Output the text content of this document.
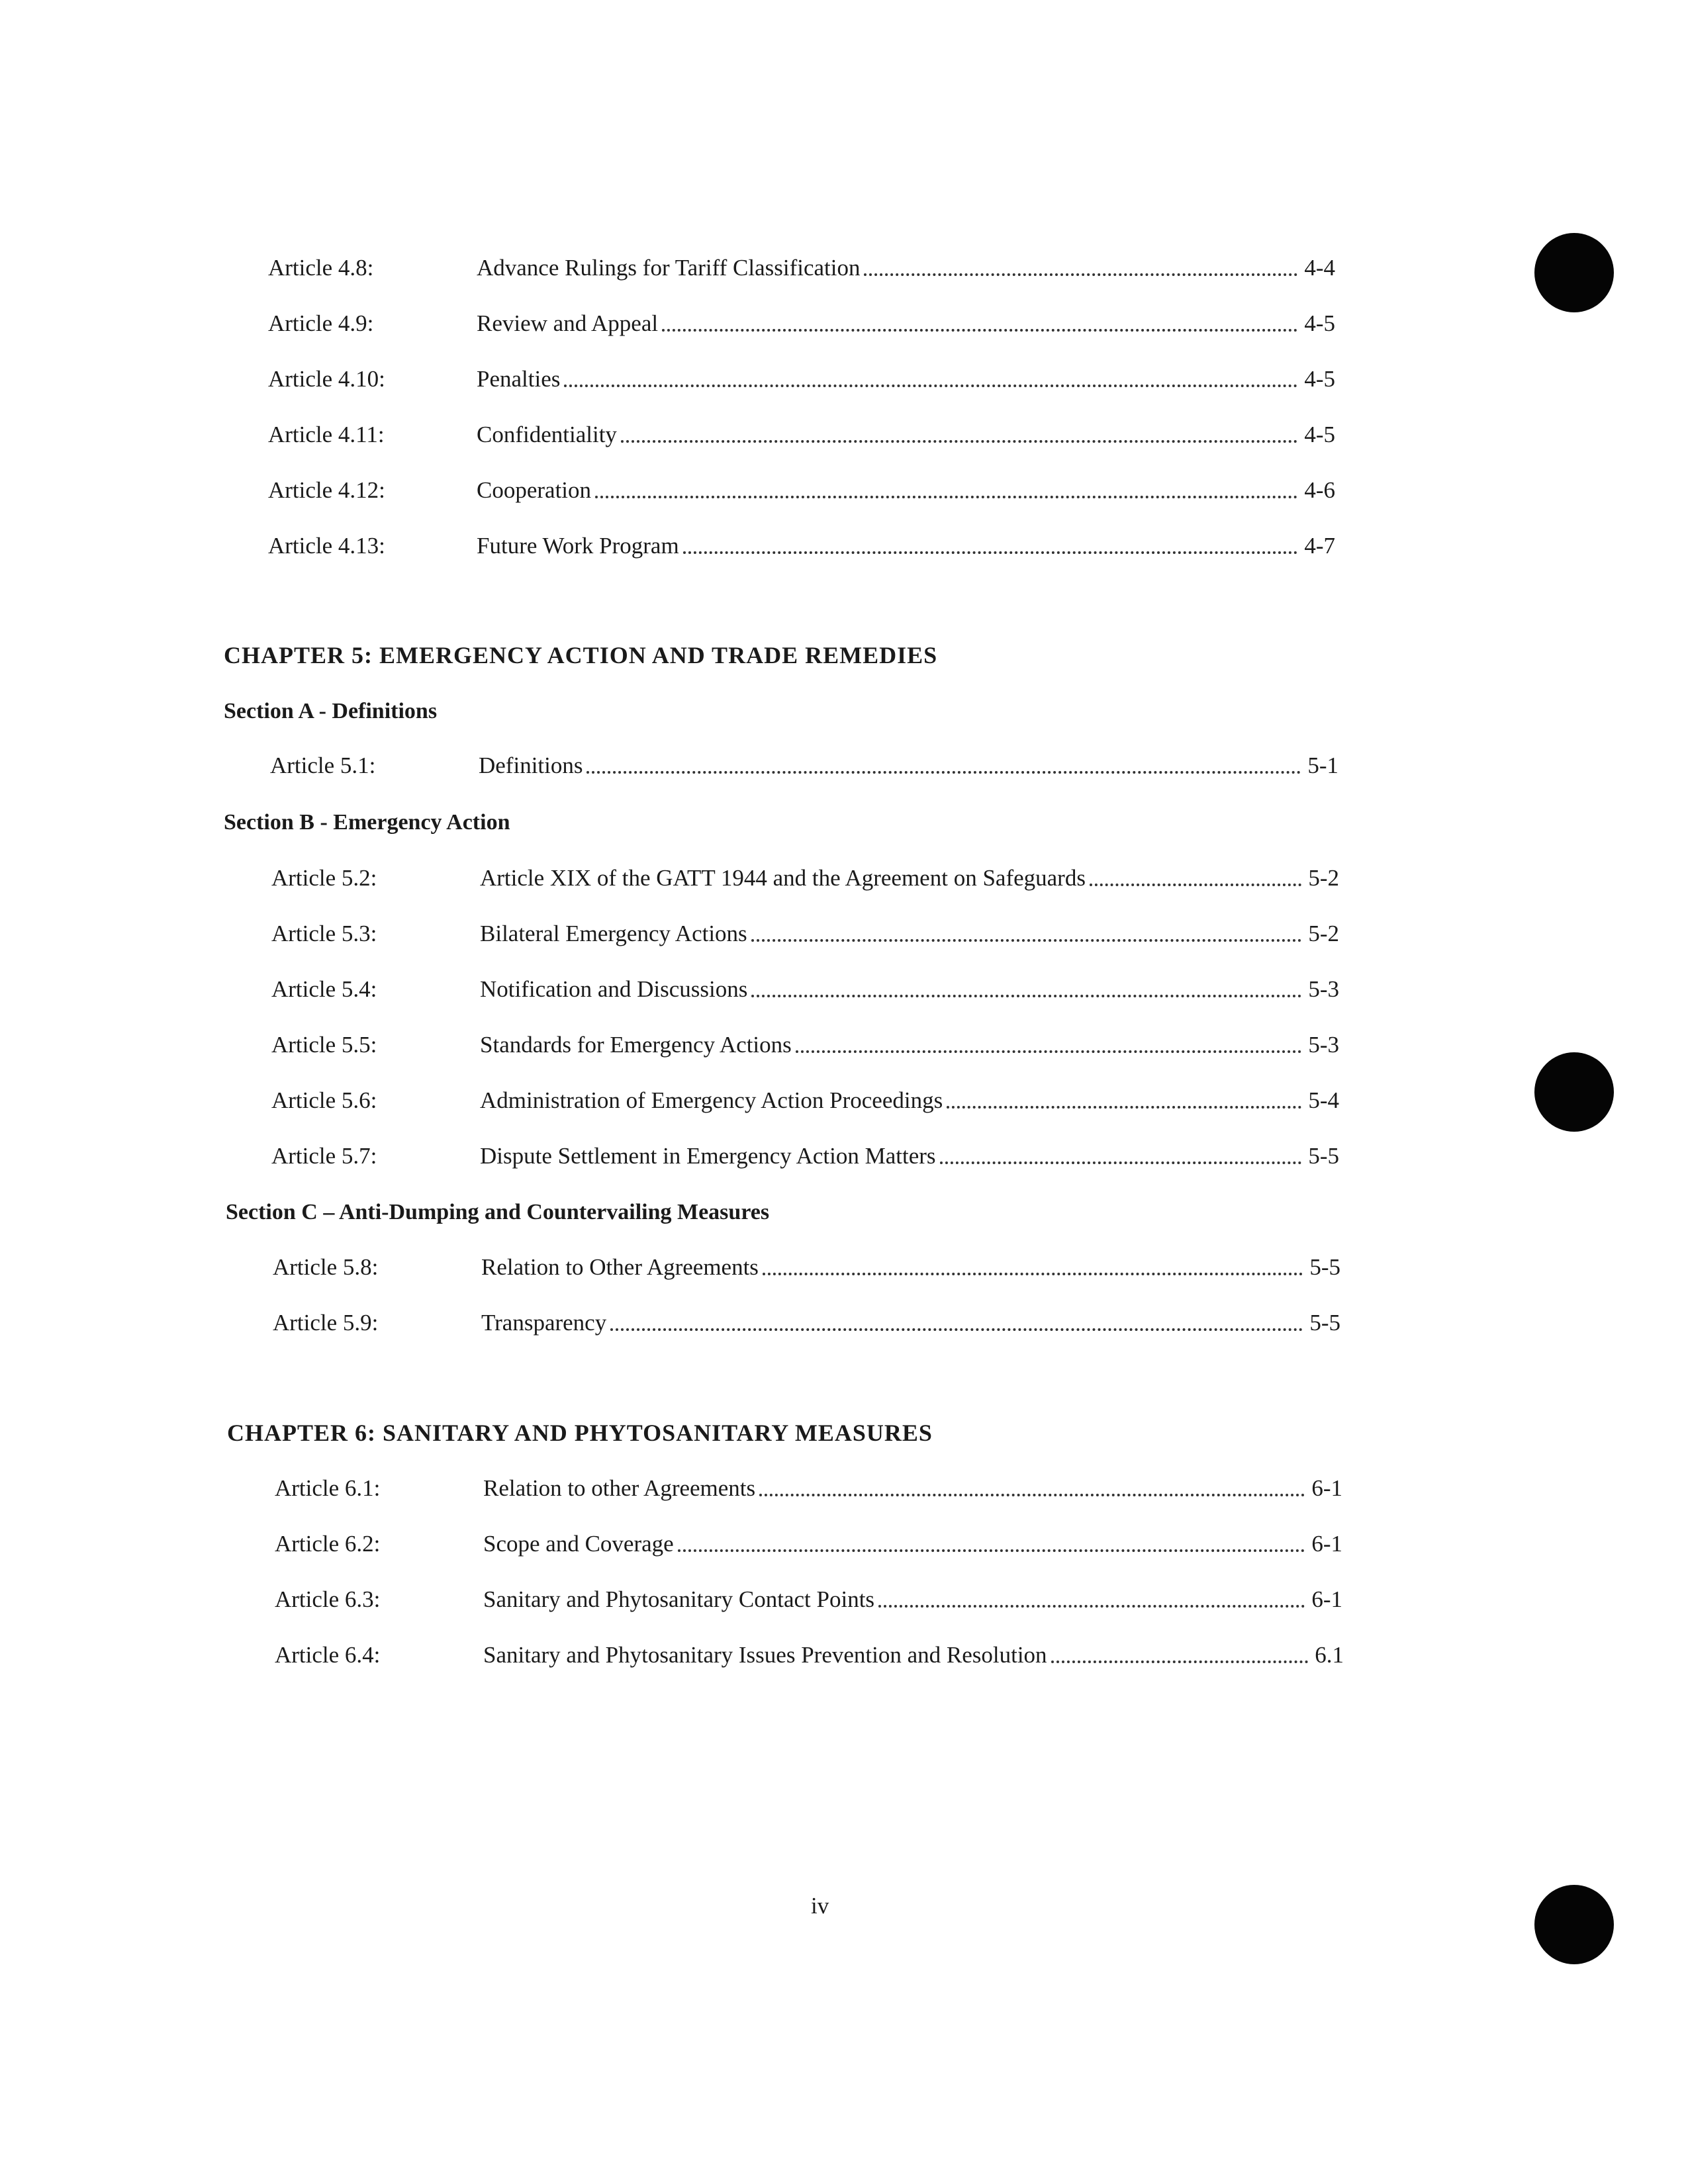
Article 4.8:	Advance Rulings for Tariff Classification	4-4
Article 4.9:	Review and Appeal	4-5
Article 4.10:	Penalties	4-5
Article 4.11:	Confidentiality	4-5
Article 4.12:	Cooperation	4-6
Article 4.13:	Future Work Program	4-7
CHAPTER 5: EMERGENCY ACTION AND TRADE REMEDIES
Section A - Definitions
Article 5.1:	Definitions	5-1
Section B - Emergency Action
Article 5.2:	Article XIX of the GATT 1944 and the Agreement on Safeguards	5-2
Article 5.3:	Bilateral Emergency Actions	5-2
Article 5.4:	Notification and Discussions	5-3
Article 5.5:	Standards for Emergency Actions	5-3
Article 5.6:	Administration of Emergency Action Proceedings	5-4
Article 5.7:	Dispute Settlement in Emergency Action Matters	5-5
Section C – Anti-Dumping and Countervailing Measures
Article 5.8:	Relation to Other Agreements	5-5
Article 5.9:	Transparency	5-5
CHAPTER 6: SANITARY AND PHYTOSANITARY MEASURES
Article 6.1:	Relation to other Agreements	6-1
Article 6.2:	Scope and Coverage	6-1
Article 6.3:	Sanitary and Phytosanitary Contact Points	6-1
Article 6.4:	Sanitary and Phytosanitary Issues Prevention and Resolution	6.1
iv
